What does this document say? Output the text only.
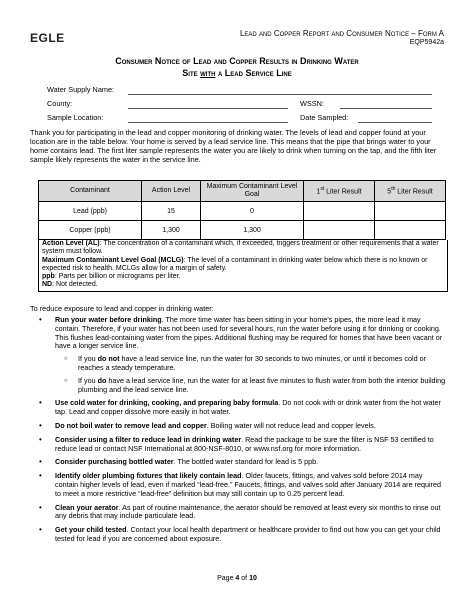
EGLE	Lead and Copper Report and Consumer Notice – Form A
EQP5942a
Consumer Notice of Lead and Copper Results in Drinking Water
Site with a Lead Service Line
Water Supply Name:
County:	WSSN:
Sample Location:	Date Sampled:
Thank you for participating in the lead and copper monitoring of drinking water. The levels of lead and copper found at your location are in the table below. Your home is served by a lead service line. This means that the pipe that brings water to your home contains lead. The first liter sample represents the water you are likely to drink when turning on the tap, and the fifth liter sample likely represents the water in the service line.
Contaminant	Action Level	Maximum Contaminant Level Goal	1st Liter Result	5th Liter Result
Lead (ppb)	15	0		
Copper (ppb)	1,300	1,300		
Action Level (AL): The concentration of a contaminant which, if exceeded, triggers treatment or other requirements that a water system must follow.
Maximum Contaminant Level Goal (MCLG): The level of a contaminant in drinking water below which there is no known or expected risk to health. MCLGs allow for a margin of safety.
ppb: Parts per billion or micrograms per liter.
ND: Not detected.
To reduce exposure to lead and copper in drinking water:
• Run your water before drinking. The more time water has been sitting in your home’s pipes, the more lead it may contain. Therefore, if your water has not been used for several hours, run the water before using it for drinking or cooking. This flushes lead-containing water from the pipes. Additional flushing may be required for homes that have been vacant or have a longer service line.
○ If you do not have a lead service line, run the water for 30 seconds to two minutes, or until it becomes cold or reaches a steady temperature.
○ If you do have a lead service line, run the water for at least five minutes to flush water from both the interior building plumbing and the lead service line.
• Use cold water for drinking, cooking, and preparing baby formula. Do not cook with or drink water from the hot water tap. Lead and copper dissolve more easily in hot water.
• Do not boil water to remove lead and copper. Boiling water will not reduce lead and copper levels.
• Consider using a filter to reduce lead in drinking water. Read the package to be sure the filter is NSF 53 certified to reduce lead or contact NSF International at 800-NSF-8010, or www.nsf.org for more information.
• Consider purchasing bottled water. The bottled water standard for lead is 5 ppb.
• Identify older plumbing fixtures that likely contain lead. Older faucets, fittings, and valves sold before 2014 may contain higher levels of lead, even if marked “lead-free.” Faucets, fittings, and valves sold after January 2014 are required to meet a more restrictive “lead-free” definition but may still contain up to 0.25 percent lead.
• Clean your aerator. As part of routine maintenance, the aerator should be removed at least every six months to rinse out any debris that may include particulate lead.
• Get your child tested. Contact your local health department or healthcare provider to find out how you can get your child tested for lead if you are concerned about exposure.
Page 4 of 10
